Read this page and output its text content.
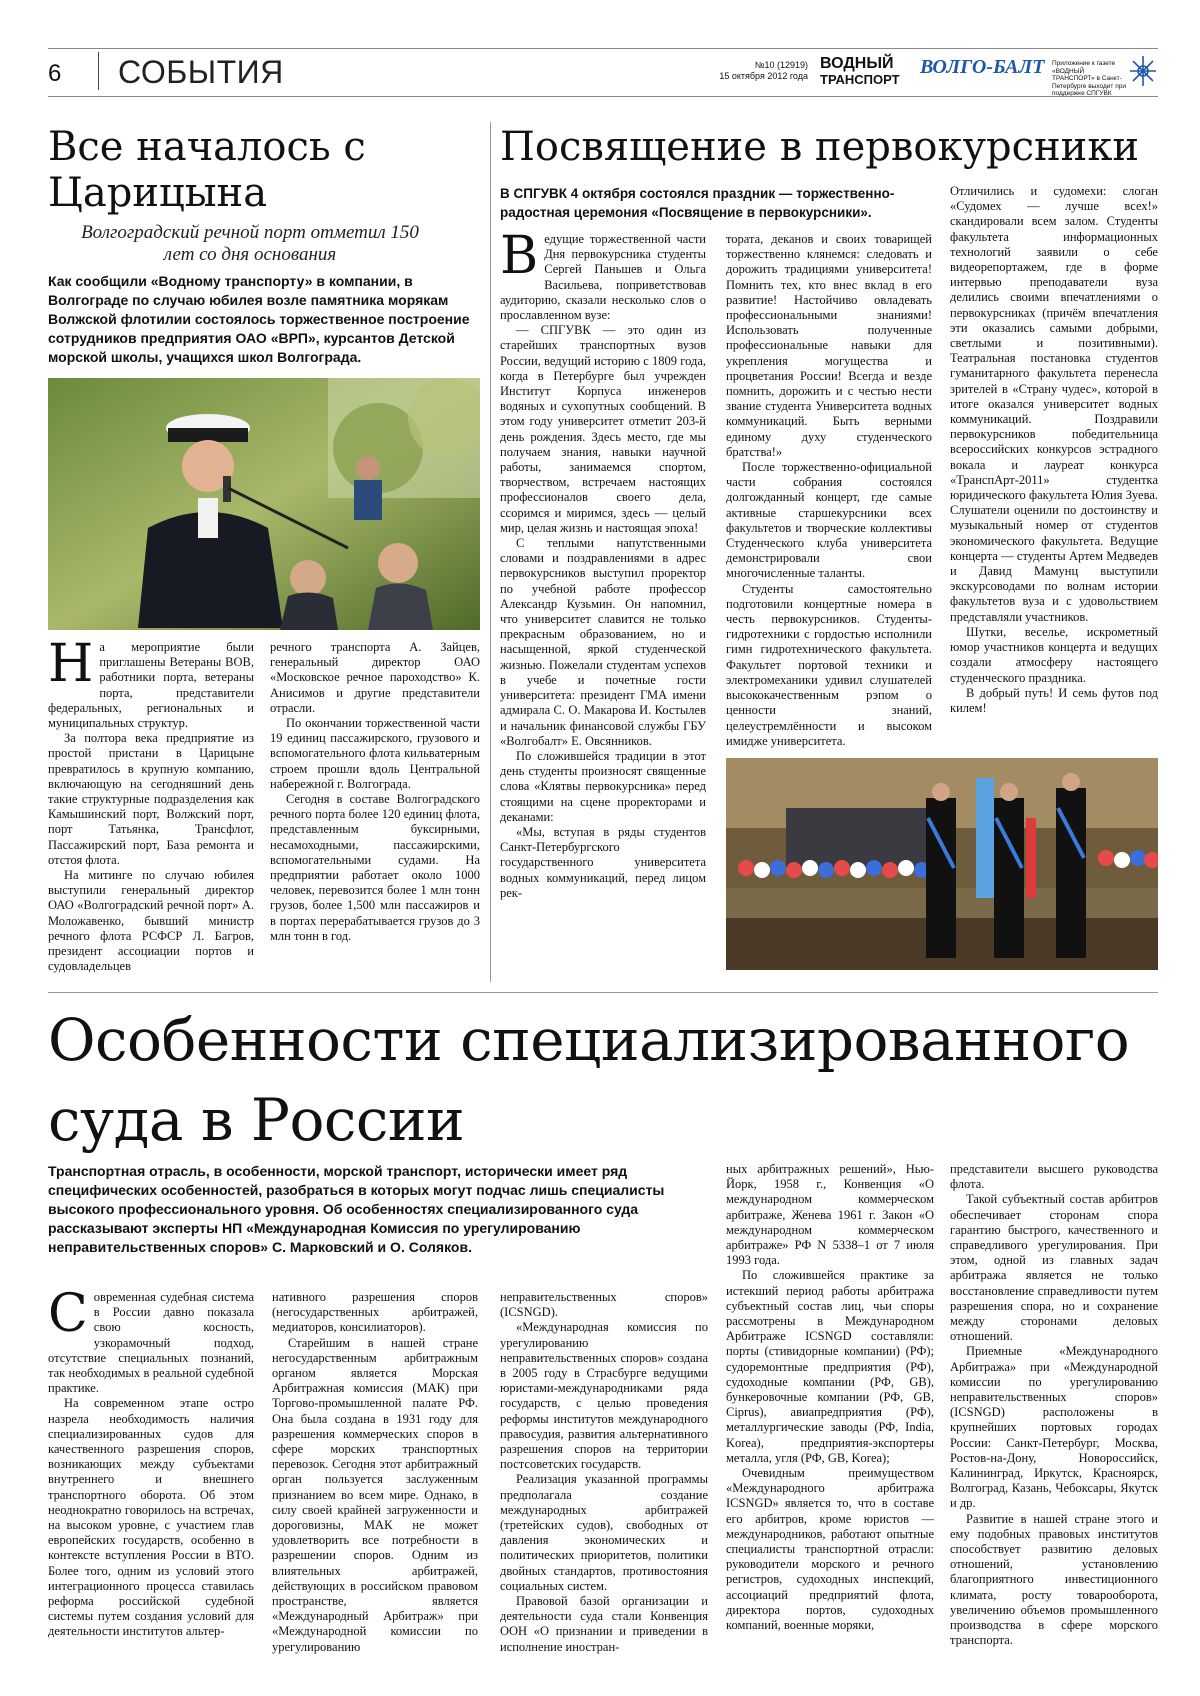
6 СОБЫТИЯ	№10 (12919)
15 октября 2012 года
ВОДНЫЙ
ТРАНСПОРТ
ВОЛГО-БАЛТ Приложение к газете «ВОДНЫЙ ТРАНСПОРТ» в Санкт-Петербурге выходит при поддержке СПГУВК
Все началось с Царицына
Волгоградский речной порт отметил 150 лет со дня основания
Как сообщили «Водному транспорту» в компании, в Волгограде по случаю юбилея возле памятника морякам Волжской флотилии состоялось торжественное построение сотрудников предприятия ОАО «ВРП», курсантов Детской морской школы, учащихся школ Волгограда.

На мероприятие были приглашены Ветераны ВОВ, работники порта, ветераны порта, представители федеральных, региональных и муниципальных структур.

За полтора века предприятие из простой пристани в Царицыне превратилось в крупную компанию, включающую на сегодняшний день такие структурные подразделения как Камышинский порт, Волжский порт, порт Татьянка, Трансфлот, Пассажирский порт, База ремонта и отстоя флота.

На митинге по случаю юбилея выступили генеральный директор ОАО «Волгоградский речной порт» А. Моложавенко, бывший министр речного флота РСФСР Л. Багров, президент ассоциации портов и судовладельцев

речного транспорта А. Зайцев, генеральный директор ОАО «Московское речное пароходство» К. Анисимов и другие представители отрасли.

По окончании торжественной части 19 единиц пассажирского, грузового и вспомогательного флота кильватерным строем прошли вдоль Центральной набережной г. Волгограда.

Сегодня в составе Волгоградского речного порта более 120 единиц флота, представленным буксирными, несамоходными, пассажирскими, вспомогательными судами. На предприятии работает около 1000 человек, перевозится более 1 млн тонн грузов, более 1,500 млн пассажиров и в портах перерабатывается грузов до 3 млн тонн в год.

Посвящение в первокурсники
В СПГУВК 4 октября состоялся праздник — торжественно-радостная церемония «Посвящение в первокурсники».

Ведущие торжественной части Дня первокурсника студенты Сергей Паньшев и Ольга Васильева, поприветствовав аудиторию, сказали несколько слов о прославленном вузе:

— СПГУВК — это один из старейших транспортных вузов России, ведущий историю с 1809 года, когда в Петербурге был учрежден Институт Корпуса инженеров водяных и сухопутных сообщений. В этом году университет отметит 203-й день рождения. Здесь место, где мы получаем знания, навыки научной работы, занимаемся спортом, творчеством, встречаем настоящих профессионалов своего дела, ссоримся и миримся, здесь — целый мир, целая жизнь и настоящая эпоха!

С теплыми напутственными словами и поздравлениями в адрес первокурсников выступил проректор по учебной работе профессор Александр Кузьмин. Он напомнил, что университет славится не только прекрасным образованием, но и насыщенной, яркой студенческой жизнью. Пожелали студентам успехов в учебе и почетные гости университета: президент ГМА имени адмирала С. О. Макарова И. Костылев и начальник финансовой службы ГБУ «Волгобалт» Е. Овсянников.

По сложившейся традиции в этот день студенты произносят священные слова «Клятвы первокурсника» перед стоящими на сцене проректорами и деканами:

«Мы, вступая в ряды студентов Санкт-Петербургского государственного университета водных коммуникаций, перед лицом рек-

тората, деканов и своих товарищей торжественно клянемся: следовать и дорожить традициями университета! Помнить тех, кто внес вклад в его развитие! Настойчиво овладевать профессиональными знаниями! Использовать полученные профессиональные навыки для укрепления могущества и процветания России! Всегда и везде помнить, дорожить и с честью нести звание студента Университета водных коммуникаций. Быть верными единому духу студенческого братства!»

После торжественно-официальной части собрания состоялся долгожданный концерт, где самые активные старшекурсники всех факультетов и творческие коллективы Студенческого клуба университета демонстрировали свои многочисленные таланты.

Студенты самостоятельно подготовили концертные номера в честь первокурсников. Студенты-гидротехники с гордостью исполнили гимн гидротехнического факультета. Факультет портовой техники и электромеханики удивил слушателей высококачественным рэпом о ценности знаний, целеустремлённости и высоком имидже университета.

Отличились и судомехи: слоган «Судомех — лучше всех!» скандировали всем залом. Студенты факультета информационных технологий заявили о себе видеорепортажем, где в форме интервью преподаватели вуза делились своими впечатлениями о первокурсниках (причём впечатления эти оказались самыми добрыми, светлыми и позитивными). Театральная постановка студентов гуманитарного факультета перенесла зрителей в «Страну чудес», которой в итоге оказался университет водных коммуникаций. Поздравили первокурсников победительница всероссийских конкурсов эстрадного вокала и лауреат конкурса «ТранспАрт-2011» студентка юридического факультета Юлия Зуева. Слушатели оценили по достоинству и музыкальный номер от студентов экономического факультета. Ведущие концерта — студенты Артем Медведев и Давид Мамунц выступили экскурсоводами по волнам истории факультетов вуза и с удовольствием представляли участников.

Шутки, веселье, искрометный юмор участников концерта и ведущих создали атмосферу настоящего студенческого праздника.

В добрый путь! И семь футов под килем!

Особенности специализированного
суда в России
Транспортная отрасль, в особенности, морской транспорт, исторически имеет ряд специфических особенностей, разобраться в которых могут подчас лишь специалисты высокого профессионального уровня. Об особенностях специализированного суда рассказывают эксперты НП «Международная Комиссия по урегулированию неправительственных споров» С. Марковский и О. Соляков.

Современная судебная система в России давно показала свою косность, узкорамочный подход, отсутствие специальных познаний, так необходимых в реальной судебной практике.

На современном этапе остро назрела необходимость наличия специализированных судов для качественного разрешения споров, возникающих между субъектами внутреннего и внешнего транспортного оборота. Об этом неоднократно говорилось на встречах, на высоком уровне, с участием глав европейских государств, особенно в контексте вступления России в ВТО. Более того, одним из условий этого интеграционного процесса ставилась реформа российской судебной системы путем создания условий для деятельности институтов альтер-

нативного разрешения споров (негосударственных арбитражей, медиаторов, консилиаторов).

Старейшим в нашей стране негосударственным арбитражным органом является Морская Арбитражная комиссия (МАК) при Торгово-промышленной палате РФ. Она была создана в 1931 году для разрешения коммерческих споров в сфере морских транспортных перевозок. Сегодня этот арбитражный орган пользуется заслуженным признанием во всем мире. Однако, в силу своей крайней загруженности и дороговизны, МАК не может удовлетворить все потребности в разрешении споров. Одним из влиятельных арбитражей, действующих в российском правовом пространстве, является «Международный Арбитраж» при «Международной комиссии по урегулированию

неправительственных споров» (ICSNGD).

«Международная комиссия по урегулированию неправительственных споров» создана в 2005 году в Страсбурге ведущими юристами-международниками ряда государств, с целью проведения реформы институтов международного правосудия, развития альтернативного разрешения споров на территории постсоветских государств.

Реализация указанной программы предполагала создание международных арбитражей (третейских судов), свободных от давления экономических и политических приоритетов, политики двойных стандартов, противостояния социальных систем.

Правовой базой организации и деятельности суда стали Конвенция ООН «О признании и приведении в исполнение иностран-

ных арбитражных решений», Нью-Йорк, 1958 г., Конвенция «О международном коммерческом арбитраже, Женева 1961 г. Закон «О международном коммерческом арбитраже» РФ N 5338–1 от 7 июля 1993 года.

По сложившейся практике за истекший период работы арбитража субъектный состав лиц, чьи споры рассмотрены в Международном Арбитраже ICSNGD составляли: порты (стивидорные компании) (РФ); судоремонтные предприятия (РФ), судоходные компании (РФ, GB), бункеровочные компании (РФ, GB, Ciprus), авиапредприятия (РФ), металлургические заводы (РФ, India, Korea), предприятия-экспортеры металла, угля (РФ, GB, Korea);

Очевидным преимуществом «Международного арбитража ICSNGD» является то, что в составе его арбитров, кроме юристов — международников, работают опытные специалисты транспортной отрасли: руководители морского и речного регистров, судоходных инспекций, ассоциаций предприятий флота, директора портов, судоходных компаний, военные моряки,

представители высшего руководства флота.

Такой субъектный состав арбитров обеспечивает сторонам спора гарантию быстрого, качественного и справедливого урегулирования. При этом, одной из главных задач арбитража является не только восстановление справедливости путем разрешения спора, но и сохранение между сторонами деловых отношений.

Приемные «Международного Арбитража» при «Международной комиссии по урегулированию неправительственных споров» (ICSNGD) расположены в крупнейших портовых городах России: Санкт-Петербург, Москва, Ростов-на-Дону, Новороссийск, Калининград, Иркутск, Красноярск, Волгоград, Казань, Чебоксары, Якутск и др.

Развитие в нашей стране этого и ему подобных правовых институтов способствует развитию деловых отношений, установлению благоприятного инвестиционного климата, росту товарооборота, увеличению объемов промышленного производства в сфере морского транспорта.
